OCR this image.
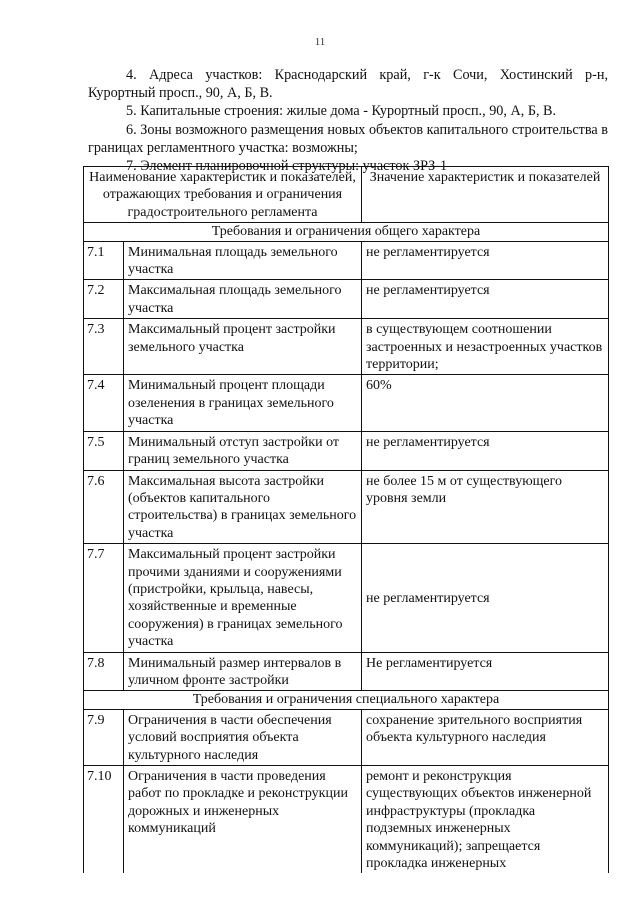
11

4. Адреса участков: Краснодарский край, г-к Сочи, Хостинский р-н, Курортный просп., 90, А, Б, В.

5. Капитальные строения: жилые дома - Курортный просп., 90, А, Б, В.

6. Зоны возможного размещения новых объектов капитального строительства в границах регламентного участка: возможны;

7. Элемент планировочной структуры: участок ЗРЗ-1

Наименование характеристик и показателей, отражающих требования и ограничения градостроительного регламента		Значение характеристик и показателей
Требования и ограничения общего характера		
7.1	Минимальная площадь земельного участка	не регламентируется
7.2	Максимальная площадь земельного участка	не регламентируется
7.3	Максимальный процент застройки земельного участка	в существующем соотношении застроенных и незастроенных участков территории;
7.4	Минимальный процент площади озеленения в границах земельного участка	60%
7.5	Минимальный отступ застройки от границ земельного участка	не регламентируется
7.6	Максимальная высота застройки (объектов капитального строительства) в границах земельного участка	не более 15 м от существующего уровня земли
7.7	Максимальный процент застройки прочими зданиями и сооружениями (пристройки, крыльца, навесы, хозяйственные и временные сооружения) в границах земельного участка	не регламентируется
7.8	Минимальный размер интервалов в уличном фронте застройки	Не регламентируется
Требования и ограничения специального характера		
7.9	Ограничения в части обеспечения условий восприятия объекта культурного наследия	сохранение зрительного восприятия объекта культурного наследия
7.10	Ограничения в части проведения работ по прокладке и реконструкции дорожных и инженерных коммуникаций	ремонт и реконструкция существующих объектов инженерной инфраструктуры (прокладка подземных инженерных коммуникаций); запрещается прокладка инженерных
